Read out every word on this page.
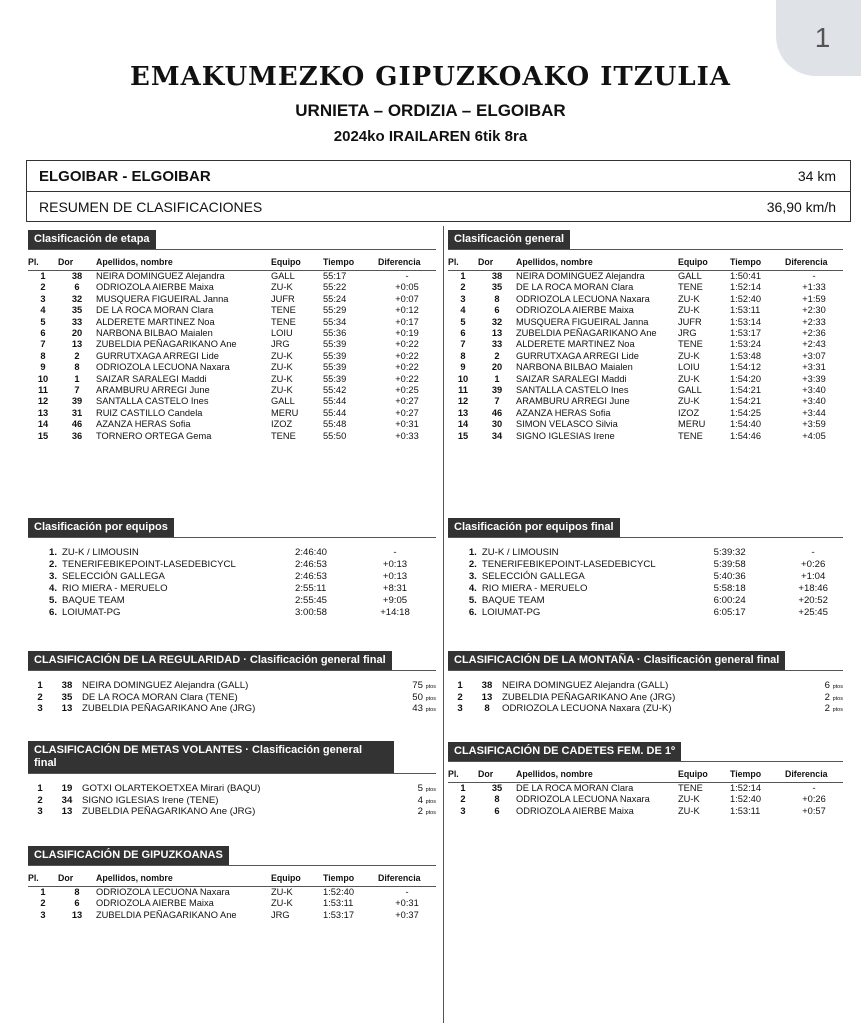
1
EMAKUMEZKO GIPUZKOAKO ITZULIA
URNIETA – ORDIZIA – ELGOIBAR
2024ko IRAILAREN 6tik 8ra
ELGOIBAR - ELGOIBAR	34 km
RESUMEN DE CLASIFICACIONES	36,90 km/h
Clasificación de etapa
Pl.	Dor	Apellidos, nombre	Equipo	Tiempo	Diferencia
1	38	NEIRA DOMINGUEZ Alejandra	GALL	55:17	-
2	6	ODRIOZOLA AIERBE Maixa	ZU-K	55:22	+0:05
3	32	MUSQUERA FIGUEIRAL Janna	JUFR	55:24	+0:07
4	35	DE LA ROCA MORAN Clara	TENE	55:29	+0:12
5	33	ALDERETE MARTINEZ Noa	TENE	55:34	+0:17
6	20	NARBONA BILBAO Maialen	LOIU	55:36	+0:19
7	13	ZUBELDIA PEÑAGARIKANO Ane	JRG	55:39	+0:22
8	2	GURRUTXAGA ARREGI Lide	ZU-K	55:39	+0:22
9	8	ODRIOZOLA LECUONA Naxara	ZU-K	55:39	+0:22
10	1	SAIZAR SARALEGI Maddi	ZU-K	55:39	+0:22
11	7	ARAMBURU ARREGI June	ZU-K	55:42	+0:25
12	39	SANTALLA CASTELO Ines	GALL	55:44	+0:27
13	31	RUIZ CASTILLO Candela	MERU	55:44	+0:27
14	46	AZANZA HERAS Sofia	IZOZ	55:48	+0:31
15	36	TORNERO ORTEGA Gema	TENE	55:50	+0:33
Clasificación por equipos
1. ZU-K / LIMOUSIN	2:46:40	-
2. TENERIFEBIKEPOINT-LASEDEBICYCL	2:46:53	+0:13
3. SELECCIÓN GALLEGA	2:46:53	+0:13
4. RIO MIERA - MERUELO	2:55:11	+8:31
5. BAQUE TEAM	2:55:45	+9:05
6. LOIUMAT-PG	3:00:58	+14:18
CLASIFICACIÓN DE LA REGULARIDAD · Clasificación general final
1	38	NEIRA DOMINGUEZ Alejandra (GALL)	75 ptos
2	35	DE LA ROCA MORAN Clara (TENE)	50 ptos
3	13	ZUBELDIA PEÑAGARIKANO Ane (JRG)	43 ptos
CLASIFICACIÓN DE METAS VOLANTES · Clasificación general
final
1	19	GOTXI OLARTEKOETXEA Mirari (BAQU)	5 ptos
2	34	SIGNO IGLESIAS Irene (TENE)	4 ptos
3	13	ZUBELDIA PEÑAGARIKANO Ane (JRG)	2 ptos
CLASIFICACIÓN DE GIPUZKOANAS
Pl.	Dor	Apellidos, nombre	Equipo	Tiempo	Diferencia
1	8	ODRIOZOLA LECUONA Naxara	ZU-K	1:52:40	-
2	6	ODRIOZOLA AIERBE Maixa	ZU-K	1:53:11	+0:31
3	13	ZUBELDIA PEÑAGARIKANO Ane	JRG	1:53:17	+0:37
Clasificación general
Pl.	Dor	Apellidos, nombre	Equipo	Tiempo	Diferencia
1	38	NEIRA DOMINGUEZ Alejandra	GALL	1:50:41	-
2	35	DE LA ROCA MORAN Clara	TENE	1:52:14	+1:33
3	8	ODRIOZOLA LECUONA Naxara	ZU-K	1:52:40	+1:59
4	6	ODRIOZOLA AIERBE Maixa	ZU-K	1:53:11	+2:30
5	32	MUSQUERA FIGUEIRAL Janna	JUFR	1:53:14	+2:33
6	13	ZUBELDIA PEÑAGARIKANO Ane	JRG	1:53:17	+2:36
7	33	ALDERETE MARTINEZ Noa	TENE	1:53:24	+2:43
8	2	GURRUTXAGA ARREGI Lide	ZU-K	1:53:48	+3:07
9	20	NARBONA BILBAO Maialen	LOIU	1:54:12	+3:31
10	1	SAIZAR SARALEGI Maddi	ZU-K	1:54:20	+3:39
11	39	SANTALLA CASTELO Ines	GALL	1:54:21	+3:40
12	7	ARAMBURU ARREGI June	ZU-K	1:54:21	+3:40
13	46	AZANZA HERAS Sofia	IZOZ	1:54:25	+3:44
14	30	SIMON VELASCO Silvia	MERU	1:54:40	+3:59
15	34	SIGNO IGLESIAS Irene	TENE	1:54:46	+4:05
Clasificación por equipos final
1. ZU-K / LIMOUSIN	5:39:32	-
2. TENERIFEBIKEPOINT-LASEDEBICYCL	5:39:58	+0:26
3. SELECCIÓN GALLEGA	5:40:36	+1:04
4. RIO MIERA - MERUELO	5:58:18	+18:46
5. BAQUE TEAM	6:00:24	+20:52
6. LOIUMAT-PG	6:05:17	+25:45
CLASIFICACIÓN DE LA MONTAÑA · Clasificación general final
1	38	NEIRA DOMINGUEZ Alejandra (GALL)	6 ptos
2	13	ZUBELDIA PEÑAGARIKANO Ane (JRG)	2 ptos
3	8	ODRIOZOLA LECUONA Naxara (ZU-K)	2 ptos
CLASIFICACIÓN DE CADETES FEM. DE 1º
Pl.	Dor	Apellidos, nombre	Equipo	Tiempo	Diferencia
1	35	DE LA ROCA MORAN Clara	TENE	1:52:14	-
2	8	ODRIOZOLA LECUONA Naxara	ZU-K	1:52:40	+0:26
3	6	ODRIOZOLA AIERBE Maixa	ZU-K	1:53:11	+0:57
